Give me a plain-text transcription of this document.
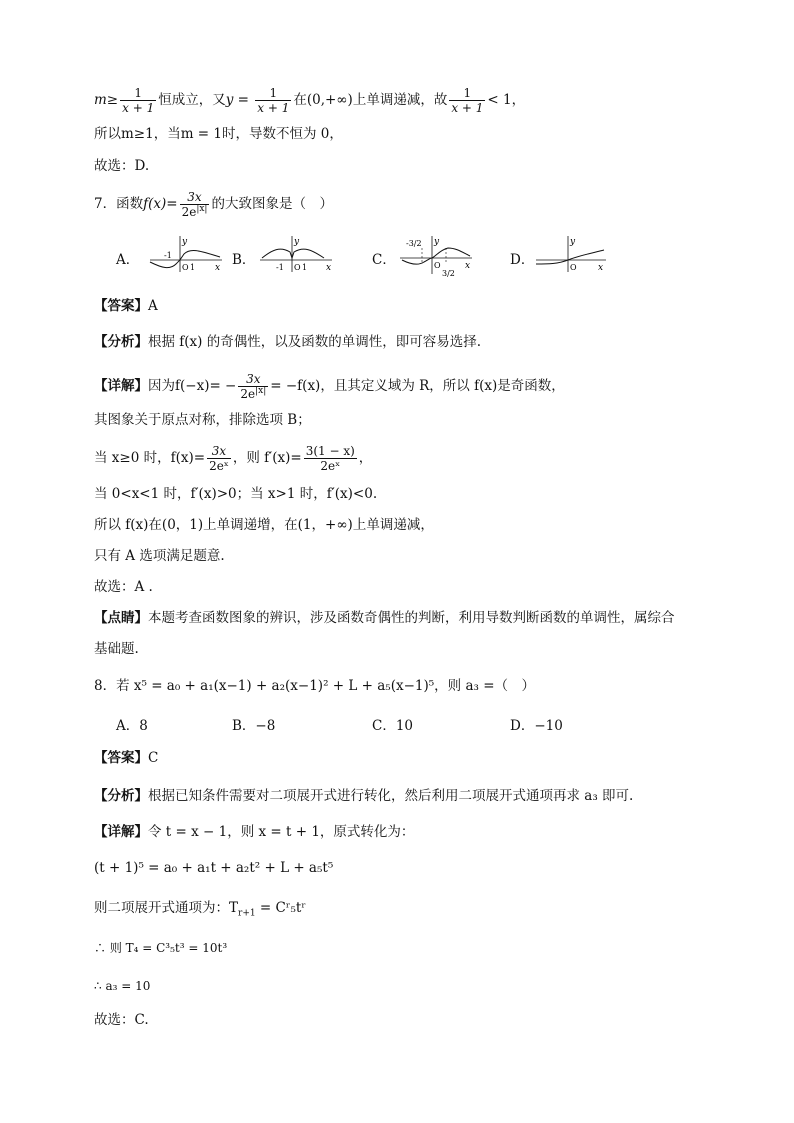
$m\ge \frac{1}{x + 1}$ 恒成立，又$y = \frac{1}{x + 1}$ 在(0,+∞)上单调递减，故 $\frac{1}{x + 1} < 1$，
所以m≥1，当m = 1时，导数不恒为 0，
故选：D.
7．函数$f(x)= \frac{3x}{2e^{|x|}}$ 的大致图象是（　）
A．
y
x
-1
O 1	B．
y
x
-1 O 1	C．
y
x
-3/2
O
3/2
D．
y
x
O
【答案】A
【分析】根据 f(x) 的奇偶性，以及函数的单调性，即可容易选择.
【详解】因为$f(-x)= - \frac{3x}{2e^{|x|}} = -f(x)$，且其定义域为 R，所以 f(x)是奇函数，
其图象关于原点对称，排除选项 B；
当 x≥0 时，$f(x)= \frac{3x}{\text{2eˣ}}$ ，则 $f'(x)= \frac{3(1 - x)}{\text{2eˣ}}$ ，
当 0<x<1 时，f′(x)>0；当 x>1 时，f′(x)<0.
所以 f(x)在(0，1)上单调递增，在(1，+∞)上单调递减，
只有 A 选项满足题意.
故选：A .
【点睛】本题考查函数图象的辨识，涉及函数奇偶性的判断，利用导数判断函数的单调性，属综合
基础题.
8．若 x⁵ = a₀ + a₁(x−1) + a₂(x−1)² + L + a₅(x−1)⁵，则 a₃ =（　）
A．8	B．−8	C．10	D．−10
【答案】C
【分析】根据已知条件需要对二项展开式进行转化，然后利用二项展开式通项再求 a₃ 即可.
【详解】令 t = x − 1，则 x = t + 1，原式转化为：
(t + 1)⁵ = a₀ + a₁t + a₂t² + L + a₅t⁵
则二项展开式通项为：$T_{r+1}$ = Cʳ₅tʳ
∴ 则 T₄ = C³₅t³ = 10t³
∴ a₃ = 10
故选：C.
